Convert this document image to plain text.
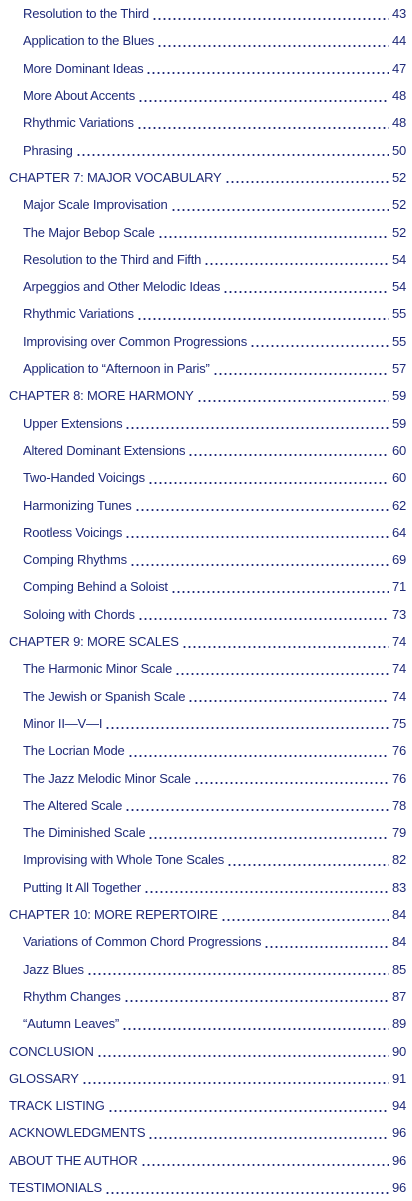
Resolution to the Third	43
Application to the Blues	44
More Dominant Ideas	47
More About Accents	48
Rhythmic Variations	48
Phrasing	50
CHAPTER 7: MAJOR VOCABULARY	52
Major Scale Improvisation	52
The Major Bebop Scale	52
Resolution to the Third and Fifth	54
Arpeggios and Other Melodic Ideas	54
Rhythmic Variations	55
Improvising over Common Progressions	55
Application to “Afternoon in Paris”	57
CHAPTER 8: MORE HARMONY	59
Upper Extensions	59
Altered Dominant Extensions	60
Two-Handed Voicings	60
Harmonizing Tunes	62
Rootless Voicings	64
Comping Rhythms	69
Comping Behind a Soloist	71
Soloing with Chords	73
CHAPTER 9: MORE SCALES	74
The Harmonic Minor Scale	74
The Jewish or Spanish Scale	74
Minor II—V—I	75
The Locrian Mode	76
The Jazz Melodic Minor Scale	76
The Altered Scale	78
The Diminished Scale	79
Improvising with Whole Tone Scales	82
Putting It All Together	83
CHAPTER 10: MORE REPERTOIRE	84
Variations of Common Chord Progressions	84
Jazz Blues	85
Rhythm Changes	87
“Autumn Leaves”	89
CONCLUSION	90
GLOSSARY	91
TRACK LISTING	94
ACKNOWLEDGMENTS	96
ABOUT THE AUTHOR	96
TESTIMONIALS	96
